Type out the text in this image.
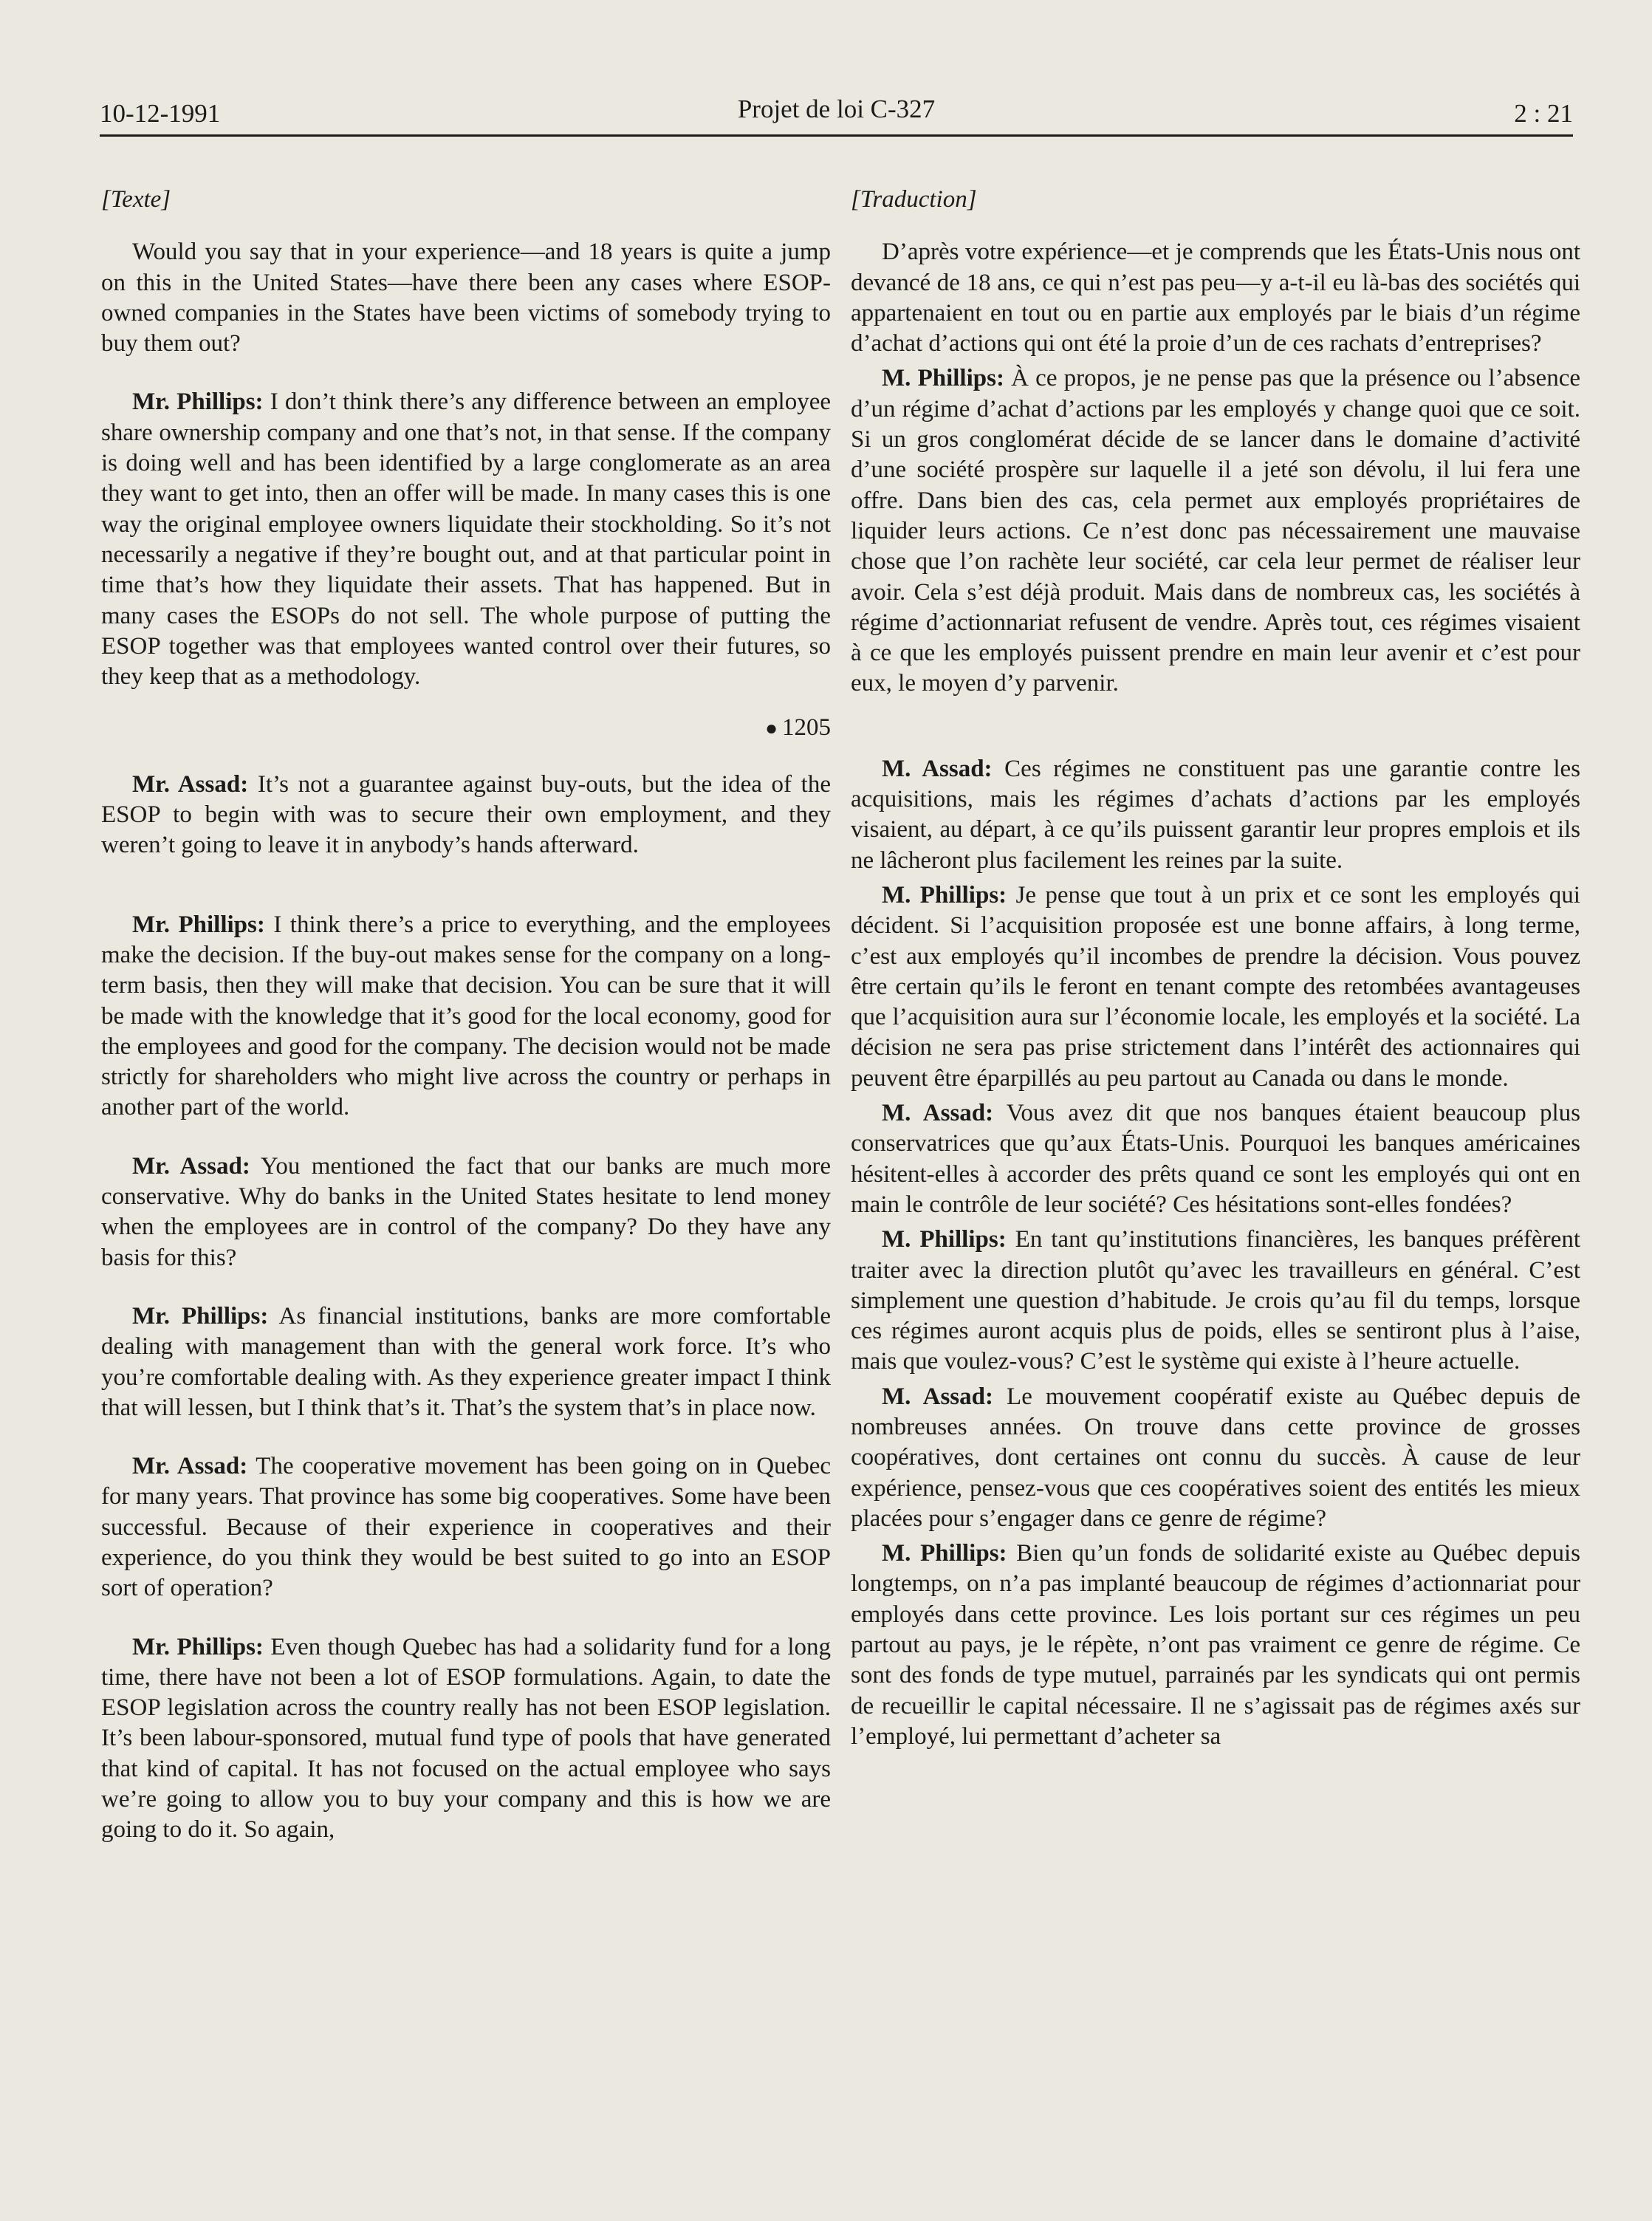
10-12-1991	Projet de loi C-327	2 : 21
[Texte]

Would you say that in your experience—and 18 years is quite a jump on this in the United States—have there been any cases where ESOP-owned companies in the States have been victims of somebody trying to buy them out?

Mr. Phillips: I don’t think there’s any difference between an employee share ownership company and one that’s not, in that sense. If the company is doing well and has been identified by a large conglomerate as an area they want to get into, then an offer will be made. In many cases this is one way the original employee owners liquidate their stockholding. So it’s not necessarily a negative if they’re bought out, and at that particular point in time that’s how they liquidate their assets. That has happened. But in many cases the ESOPs do not sell. The whole purpose of putting the ESOP together was that employees wanted control over their futures, so they keep that as a methodology.

● 1205

Mr. Assad: It’s not a guarantee against buy-outs, but the idea of the ESOP to begin with was to secure their own employment, and they weren’t going to leave it in anybody’s hands afterward.

Mr. Phillips: I think there’s a price to everything, and the employees make the decision. If the buy-out makes sense for the company on a long-term basis, then they will make that decision. You can be sure that it will be made with the knowledge that it’s good for the local economy, good for the employees and good for the company. The decision would not be made strictly for shareholders who might live across the country or perhaps in another part of the world.

Mr. Assad: You mentioned the fact that our banks are much more conservative. Why do banks in the United States hesitate to lend money when the employees are in control of the company? Do they have any basis for this?

Mr. Phillips: As financial institutions, banks are more comfortable dealing with management than with the general work force. It’s who you’re comfortable dealing with. As they experience greater impact I think that will lessen, but I think that’s it. That’s the system that’s in place now.

Mr. Assad: The cooperative movement has been going on in Quebec for many years. That province has some big cooperatives. Some have been successful. Because of their experience in cooperatives and their experience, do you think they would be best suited to go into an ESOP sort of operation?

Mr. Phillips: Even though Quebec has had a solidarity fund for a long time, there have not been a lot of ESOP formulations. Again, to date the ESOP legislation across the country really has not been ESOP legislation. It’s been labour-sponsored, mutual fund type of pools that have generated that kind of capital. It has not focused on the actual employee who says we’re going to allow you to buy your company and this is how we are going to do it. So again,

[Traduction]

D’après votre expérience—et je comprends que les États-Unis nous ont devancé de 18 ans, ce qui n’est pas peu—y a-t-il eu là-bas des sociétés qui appartenaient en tout ou en partie aux employés par le biais d’un régime d’achat d’actions qui ont été la proie d’un de ces rachats d’entreprises?

M. Phillips: À ce propos, je ne pense pas que la présence ou l’absence d’un régime d’achat d’actions par les employés y change quoi que ce soit. Si un gros conglomérat décide de se lancer dans le domaine d’activité d’une société prospère sur laquelle il a jeté son dévolu, il lui fera une offre. Dans bien des cas, cela permet aux employés propriétaires de liquider leurs actions. Ce n’est donc pas nécessairement une mauvaise chose que l’on rachète leur société, car cela leur permet de réaliser leur avoir. Cela s’est déjà produit. Mais dans de nombreux cas, les sociétés à régime d’actionnariat refusent de vendre. Après tout, ces régimes visaient à ce que les employés puissent prendre en main leur avenir et c’est pour eux, le moyen d’y parvenir.

M. Assad: Ces régimes ne constituent pas une garantie contre les acquisitions, mais les régimes d’achats d’actions par les employés visaient, au départ, à ce qu’ils puissent garantir leur propres emplois et ils ne lâcheront plus facilement les reines par la suite.

M. Phillips: Je pense que tout à un prix et ce sont les employés qui décident. Si l’acquisition proposée est une bonne affairs, à long terme, c’est aux employés qu’il incombes de prendre la décision. Vous pouvez être certain qu’ils le feront en tenant compte des retombées avantageuses que l’acquisition aura sur l’économie locale, les employés et la société. La décision ne sera pas prise strictement dans l’intérêt des actionnaires qui peuvent être éparpillés au peu partout au Canada ou dans le monde.

M. Assad: Vous avez dit que nos banques étaient beaucoup plus conservatrices que qu’aux États-Unis. Pourquoi les banques américaines hésitent-elles à accorder des prêts quand ce sont les employés qui ont en main le contrôle de leur société? Ces hésitations sont-elles fondées?

M. Phillips: En tant qu’institutions financières, les banques préfèrent traiter avec la direction plutôt qu’avec les travailleurs en général. C’est simplement une question d’habitude. Je crois qu’au fil du temps, lorsque ces régimes auront acquis plus de poids, elles se sentiront plus à l’aise, mais que voulez-vous? C’est le système qui existe à l’heure actuelle.

M. Assad: Le mouvement coopératif existe au Québec depuis de nombreuses années. On trouve dans cette province de grosses coopératives, dont certaines ont connu du succès. À cause de leur expérience, pensez-vous que ces coopératives soient des entités les mieux placées pour s’engager dans ce genre de régime?

M. Phillips: Bien qu’un fonds de solidarité existe au Québec depuis longtemps, on n’a pas implanté beaucoup de régimes d’actionnariat pour employés dans cette province. Les lois portant sur ces régimes un peu partout au pays, je le répète, n’ont pas vraiment ce genre de régime. Ce sont des fonds de type mutuel, parrainés par les syndicats qui ont permis de recueillir le capital nécessaire. Il ne s’agissait pas de régimes axés sur l’employé, lui permettant d’acheter sa
